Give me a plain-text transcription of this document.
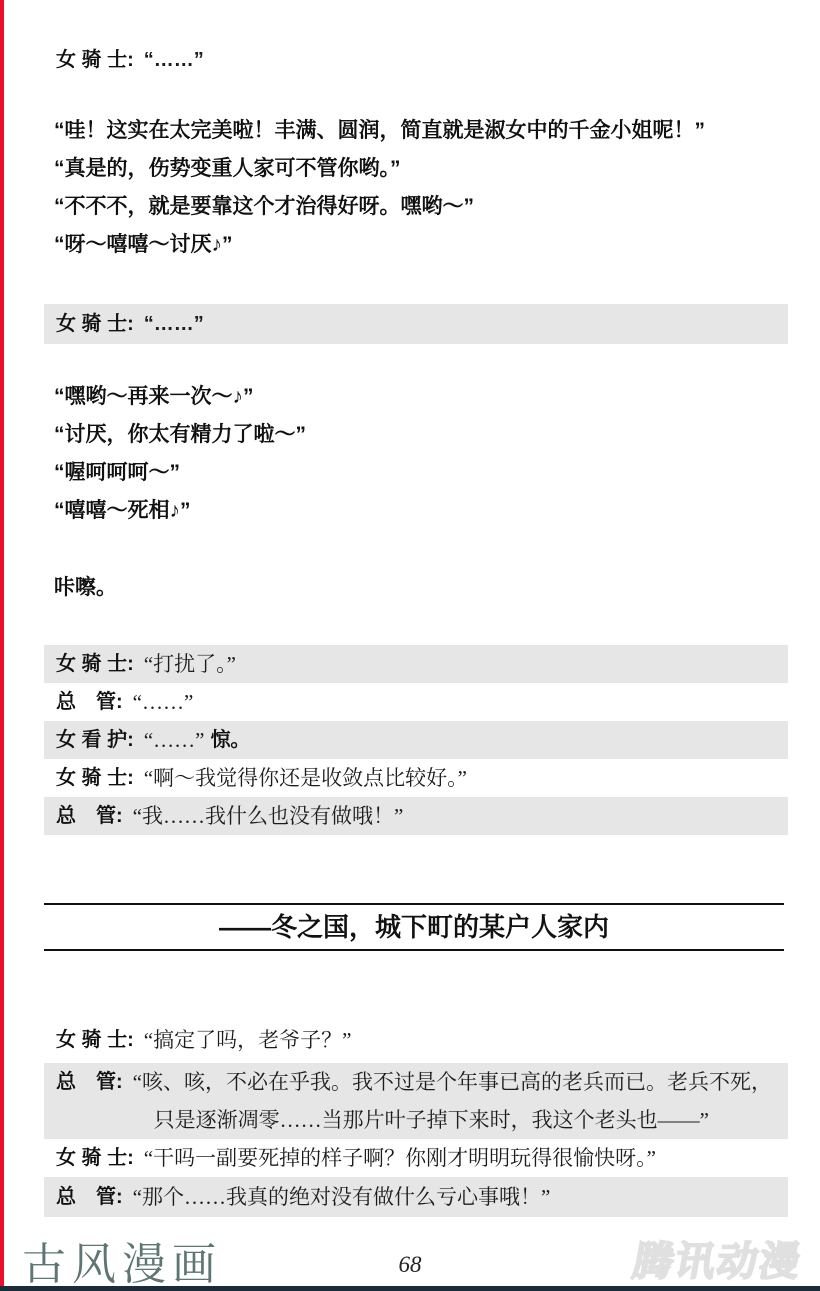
女 骑 士: “……”
“哇！这实在太完美啦！丰满、圆润，简直就是淑女中的千金小姐呢！”
“真是的，伤势变重人家可不管你哟。”
“不不不，就是要靠这个才治得好呀。嘿哟～”
“呀～嘻嘻～讨厌♪”
女 骑 士: “……”
“嘿哟～再来一次～♪”
“讨厌，你太有精力了啦～”
“喔呵呵呵～”
“嘻嘻～死相♪”
咔嚓。
女 骑 士: “打扰了。”
总　管: “……”
女 看 护: “……” 惊。
女 骑 士: “啊～我觉得你还是收敛点比较好。”
总　管: “我……我什么也没有做哦！”
——冬之国，城下町的某户人家内
女 骑 士: “搞定了吗，老爷子？”
总　管: “咳、咳，不必在乎我。我不过是个年事已高的老兵而已。老兵不死，
只是逐渐凋零……当那片叶子掉下来时，我这个老头也——”
女 骑 士: “干吗一副要死掉的样子啊？你刚才明明玩得很愉快呀。”
总　管: “那个……我真的绝对没有做什么亏心事哦！”
古风漫画	68	腾讯动漫
